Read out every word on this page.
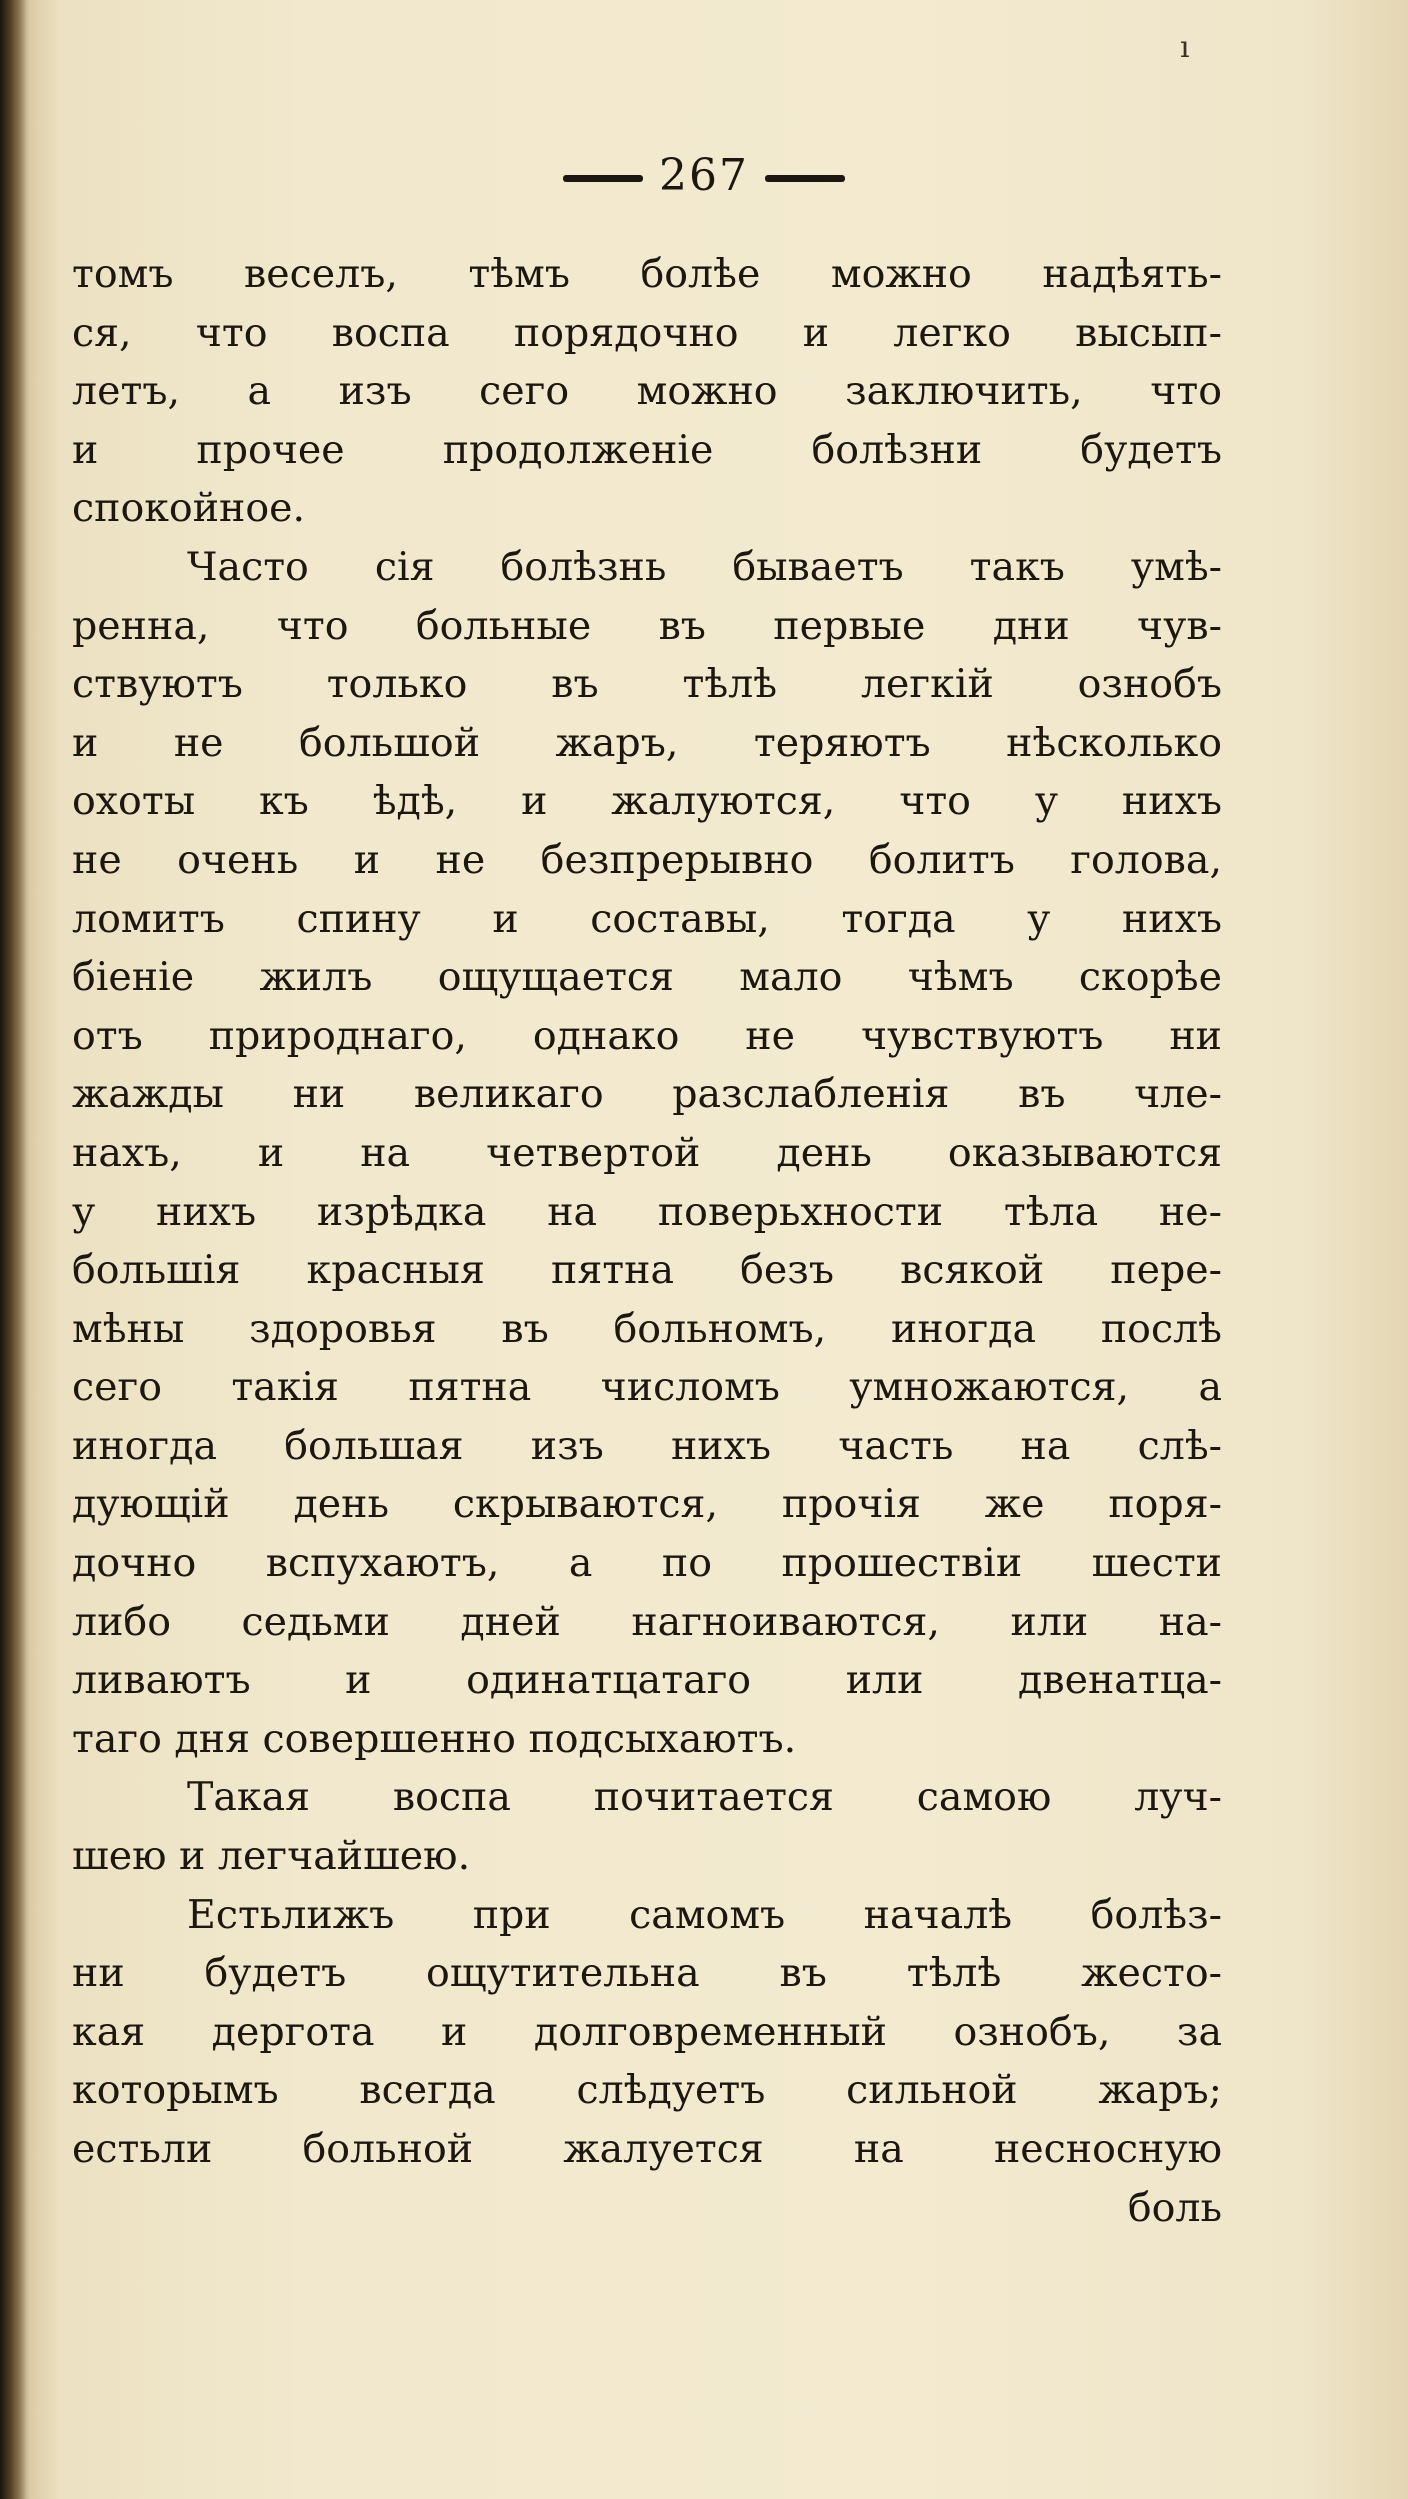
267
томъ веселъ, тѣмъ болѣе можно надѣять-
ся, что воспа порядочно и легко высып-
летъ, а изъ сего можно заключить, что
и прочее продолженіе болѣзни будетъ
спокойное.
Часто сія болѣзнь бываетъ такъ умѣ-
ренна, что больные въ первые дни чув-
ствуютъ только въ тѣлѣ легкій ознобъ
и не большой жаръ, теряютъ нѣсколько
охоты къ ѣдѣ, и жалуются, что у нихъ
не очень и не безпрерывно болитъ голова,
ломитъ спину и составы, тогда у нихъ
біеніе жилъ ощущается мало чѣмъ скорѣе
отъ природнаго, однако не чувствуютъ ни
жажды ни великаго разслабленія въ чле-
нахъ, и на четвертой день оказываются
у нихъ изрѣдка на поверьхности тѣла не-
большія красныя пятна безъ всякой пере-
мѣны здоровья въ больномъ, иногда послѣ
сего такія пятна числомъ умножаются, а
иногда большая изъ нихъ часть на слѣ-
дующій день скрываются, прочія же поря-
дочно вспухаютъ, а по прошествіи шести
либо седьми дней нагноиваются, или на-
ливаютъ и одинатцатаго или двенатца-
таго дня совершенно подсыхаютъ.
Такая воспа почитается самою луч-
шею и легчайшею.
Естьлижъ при самомъ началѣ болѣз-
ни будетъ ощутительна въ тѣлѣ жесто-
кая дергота и долговременный ознобъ, за
которымъ всегда слѣдуетъ сильной жаръ;
естьли больной жалуется на несносную
боль
ı
